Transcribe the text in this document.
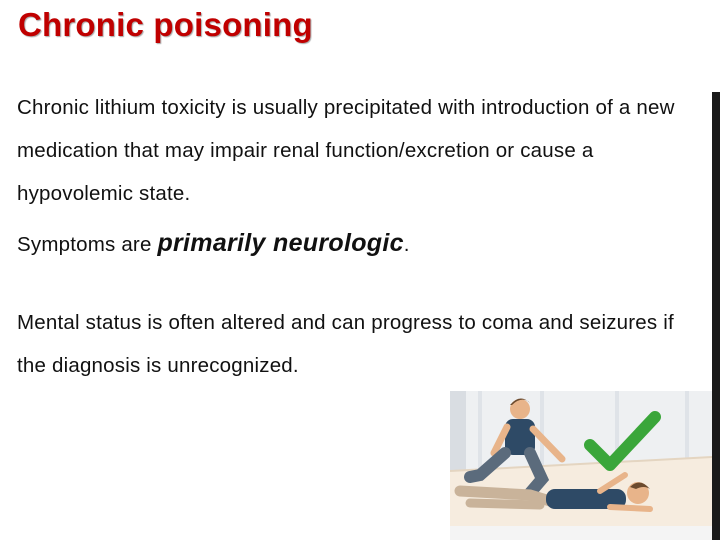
Chronic poisoning

Chronic lithium toxicity is usually precipitated with introduction of a new medication that may impair renal function/excretion or cause a hypovolemic state.

Symptoms are primarily neurologic.

Mental status is often altered and can progress to coma and seizures if the diagnosis is unrecognized.
